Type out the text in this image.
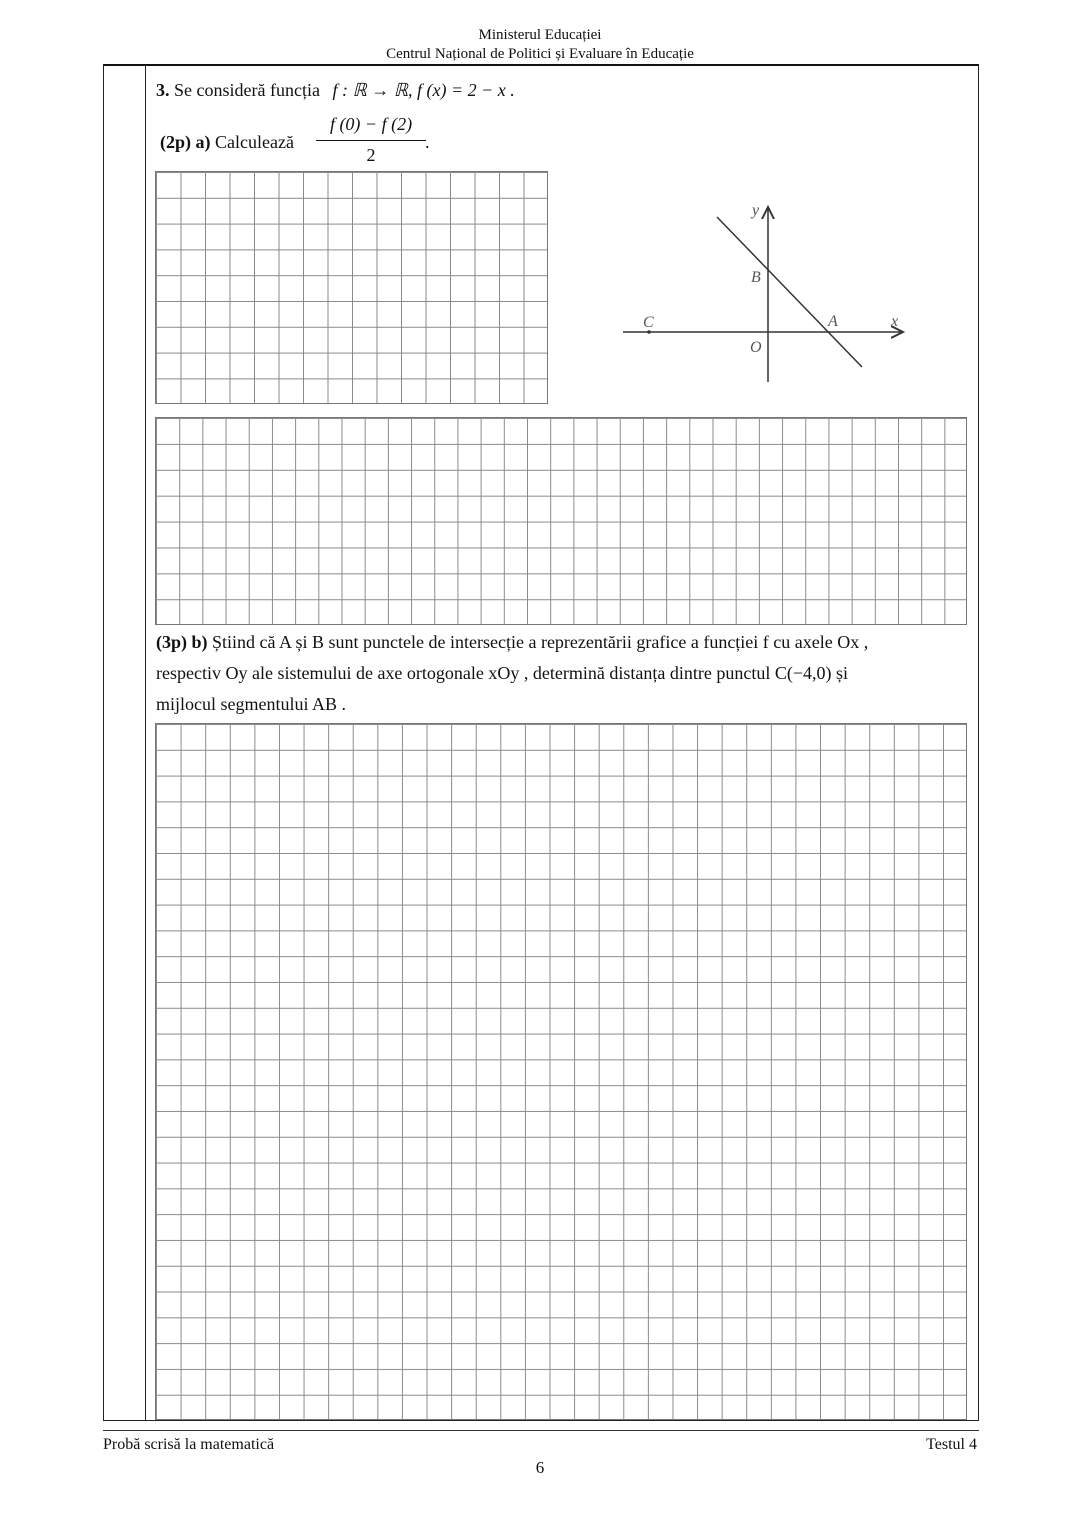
Ministerul Educației
Centrul Național de Politici și Evaluare în Educație
3. Se consideră funcția f : ℝ → ℝ, f (x) = 2 − x .
(2p) a) Calculează
f (0) − f (2)
2
.
y
x
B
A
C
O
(3p) b) Știind că A și B sunt punctele de intersecție a reprezentării grafice a funcției f cu axele Ox ,
respectiv Oy ale sistemului de axe ortogonale xOy , determină distanța dintre punctul C(−4,0) și
mijlocul segmentului AB .
Probă scrisă la matematică	Testul 4
6
